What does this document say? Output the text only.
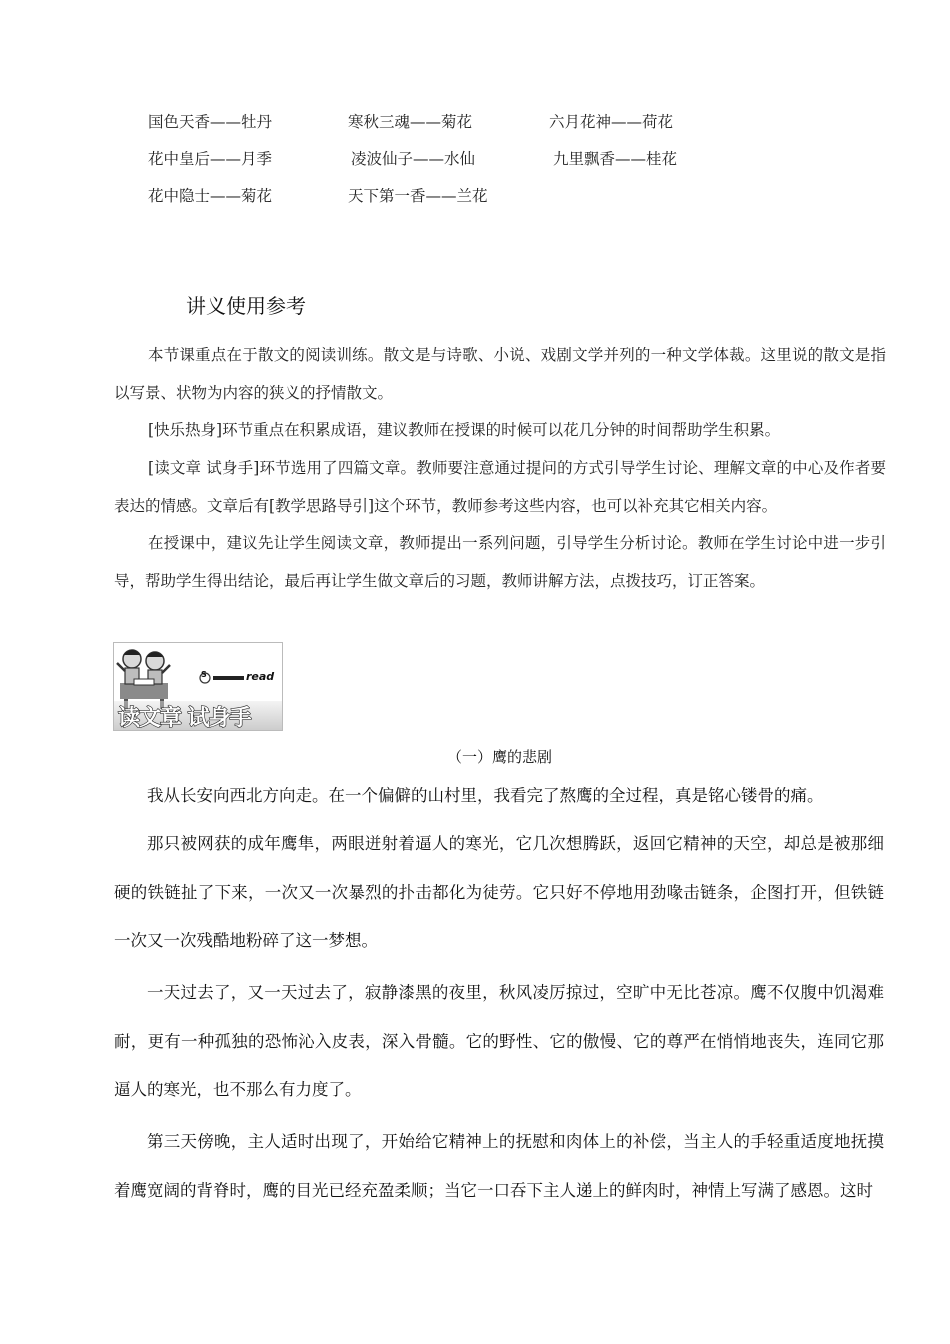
国色天香——牡丹	寒秋三魂——菊花	六月花神——荷花
花中皇后——月季	凌波仙子——水仙	九里飘香——桂花
花中隐士——菊花	天下第一香——兰花
讲义使用参考

本节课重点在于散文的阅读训练。散文是与诗歌、小说、戏剧文学并列的一种文学体裁。这里说的散文是指以写景、状物为内容的狭义的抒情散文。

[快乐热身]环节重点在积累成语，建议教师在授课的时候可以花几分钟的时间帮助学生积累。

[读文章 试身手]环节选用了四篇文章。教师要注意通过提问的方式引导学生讨论、理解文章的中心及作者要表达的情感。文章后有[教学思路导引]这个环节，教师参考这些内容，也可以补充其它相关内容。

在授课中，建议先让学生阅读文章，教师提出一系列问题，引导学生分析讨论。教师在学生讨论中进一步引导，帮助学生得出结论，最后再让学生做文章后的习题，教师讲解方法，点拨技巧，订正答案。

S	read
读文章 试身手
（一）鹰的悲剧

我从长安向西北方向走。在一个偏僻的山村里，我看完了熬鹰的全过程，真是铭心镂骨的痛。

那只被网获的成年鹰隼，两眼迸射着逼人的寒光，它几次想腾跃，返回它精神的天空，却总是被那细硬的铁链扯了下来，一次又一次暴烈的扑击都化为徒劳。它只好不停地用劲喙击链条，企图打开，但铁链一次又一次残酷地粉碎了这一梦想。

一天过去了，又一天过去了，寂静漆黑的夜里，秋风凌厉掠过，空旷中无比苍凉。鹰不仅腹中饥渴难耐，更有一种孤独的恐怖沁入皮表，深入骨髓。它的野性、它的傲慢、它的尊严在悄悄地丧失，连同它那逼人的寒光，也不那么有力度了。

第三天傍晚，主人适时出现了，开始给它精神上的抚慰和肉体上的补偿，当主人的手轻重适度地抚摸着鹰宽阔的背脊时，鹰的目光已经充盈柔顺；当它一口吞下主人递上的鲜肉时，神情上写满了感恩。这时
